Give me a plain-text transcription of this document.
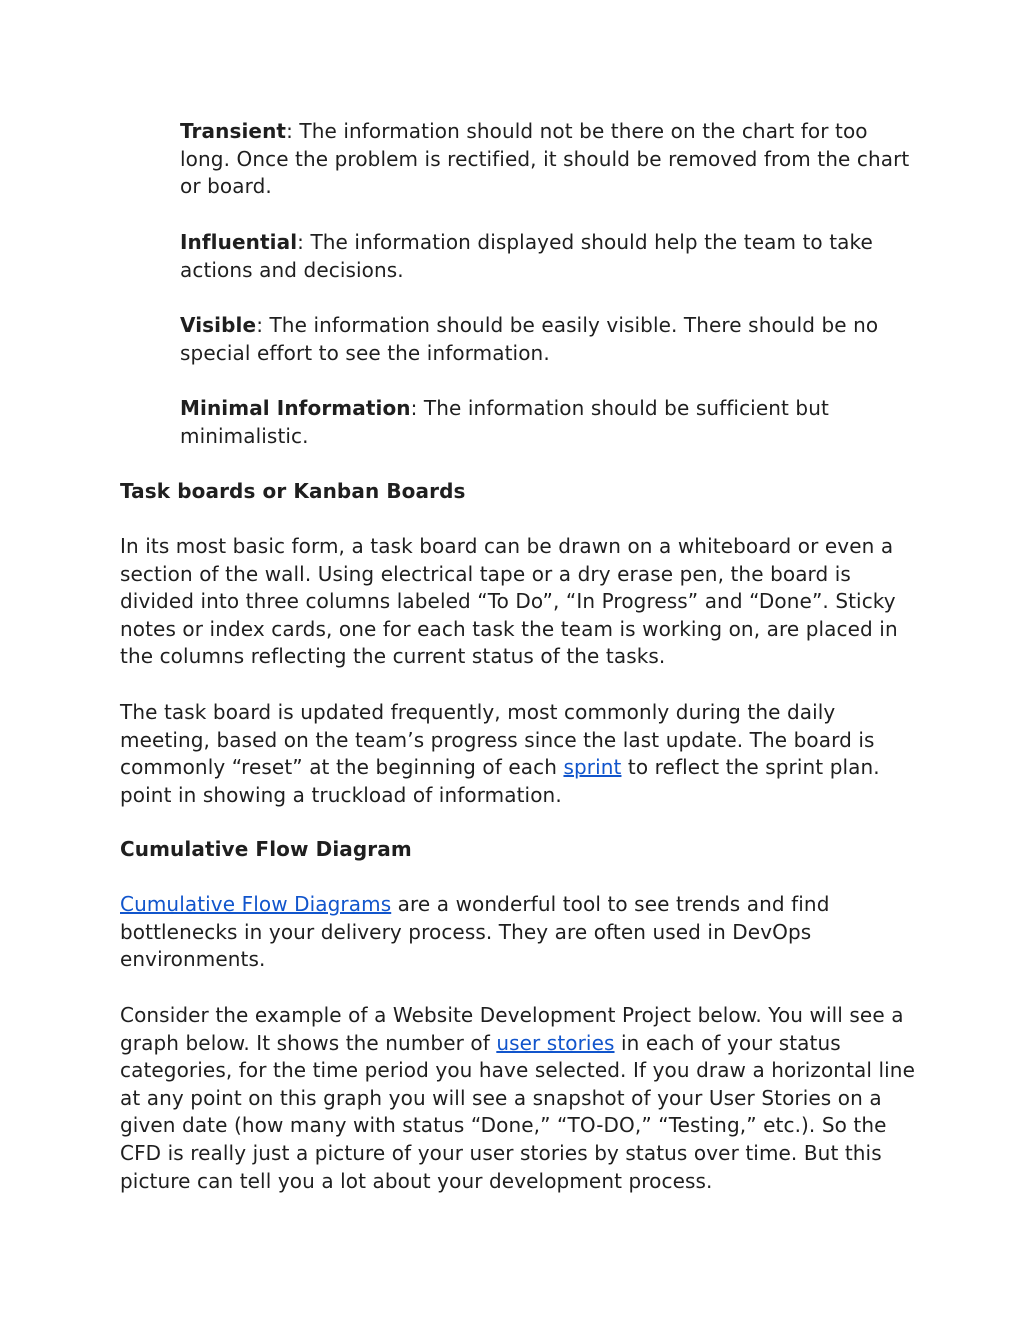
Transient: The information should not be there on the chart for too long. Once the problem is rectified, it should be removed from the chart or board.

Influential: The information displayed should help the team to take actions and decisions.

Visible: The information should be easily visible. There should be no special effort to see the information.

Minimal Information: The information should be sufficient but minimalistic.

Task boards or Kanban Boards

In its most basic form, a task board can be drawn on a whiteboard or even a section of the wall. Using electrical tape or a dry erase pen, the board is divided into three columns labeled “To Do”, “In Progress” and “Done”. Sticky notes or index cards, one for each task the team is working on, are placed in the columns reflecting the current status of the tasks.

The task board is updated frequently, most commonly during the daily meeting, based on the team’s progress since the last update. The board is commonly “reset” at the beginning of each sprint to reflect the sprint plan. point in showing a truckload of information.

Cumulative Flow Diagram

Cumulative Flow Diagrams are a wonderful tool to see trends and find bottlenecks in your delivery process. They are often used in DevOps environments.

Consider the example of a Website Development Project below. You will see a graph below. It shows the number of user stories in each of your status categories, for the time period you have selected. If you draw a horizontal line at any point on this graph you will see a snapshot of your User Stories on a given date (how many with status “Done,” “TO-DO,” “Testing,” etc.). So the CFD is really just a picture of your user stories by status over time. But this picture can tell you a lot about your development process.
